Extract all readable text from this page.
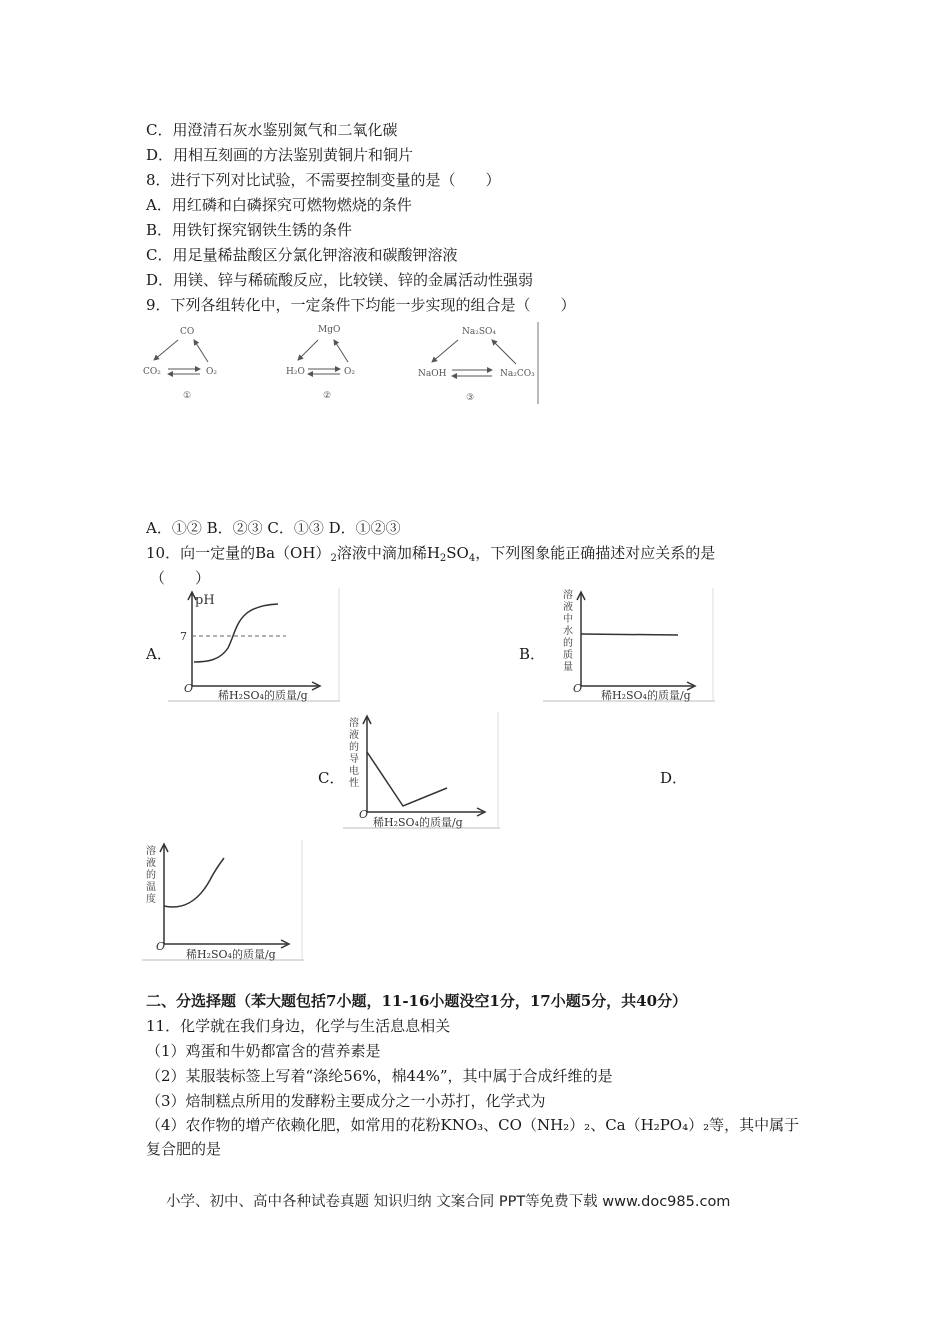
C．用澄清石灰水鉴别氮气和二氧化碳
D．用相互刻画的方法鉴别黄铜片和铜片
8．进行下列对比试验，不需要控制变量的是（　　）
A．用红磷和白磷探究可燃物燃烧的条件
B．用铁钉探究钢铁生锈的条件
C．用足量稀盐酸区分氯化钾溶液和碳酸钾溶液
D．用镁、锌与稀硫酸反应，比较镁、锌的金属活动性强弱
9．下列各组转化中，一定条件下均能一步实现的组合是（　　）
CO
CO₂	O₂
①
MgO
H₂O	O₂
②
Na₂SO₄
NaOH	Na₂CO₃
③
A．①② B．②③ C．①③ D．①②③
10．向一定量的$Ba(OH)_2$溶液中滴加稀$H_2SO_4$，下列图象能正确描述对应关系的是
（　　）
A．
pH
7
O
稀H₂SO₄的质量/g
B．
溶液中水的质量
O
稀H₂SO₄的质量/g
C．
溶液的导电性
O
稀H₂SO₄的质量/g
D．
溶液的温度
O
稀H₂SO₄的质量/g
二、分选择题（苯大题包括7小题，11-16小题没空1分，17小题5分，共40分）
11．化学就在我们身边，化学与生活息息相关
（1）鸡蛋和牛奶都富含的营养素是
（2）某服装标签上写着“涤纶56%，棉44%”，其中属于合成纤维的是
（3）焙制糕点所用的发酵粉主要成分之一小苏打，化学式为
（4）农作物的增产依赖化肥，如常用的花粉KNO₃、CO（NH₂）₂、Ca（H₂PO₄）₂等，其中属于
复合肥的是
小学、初中、高中各种试卷真题 知识归纳 文案合同 PPT等免费下载 www.doc985.com
